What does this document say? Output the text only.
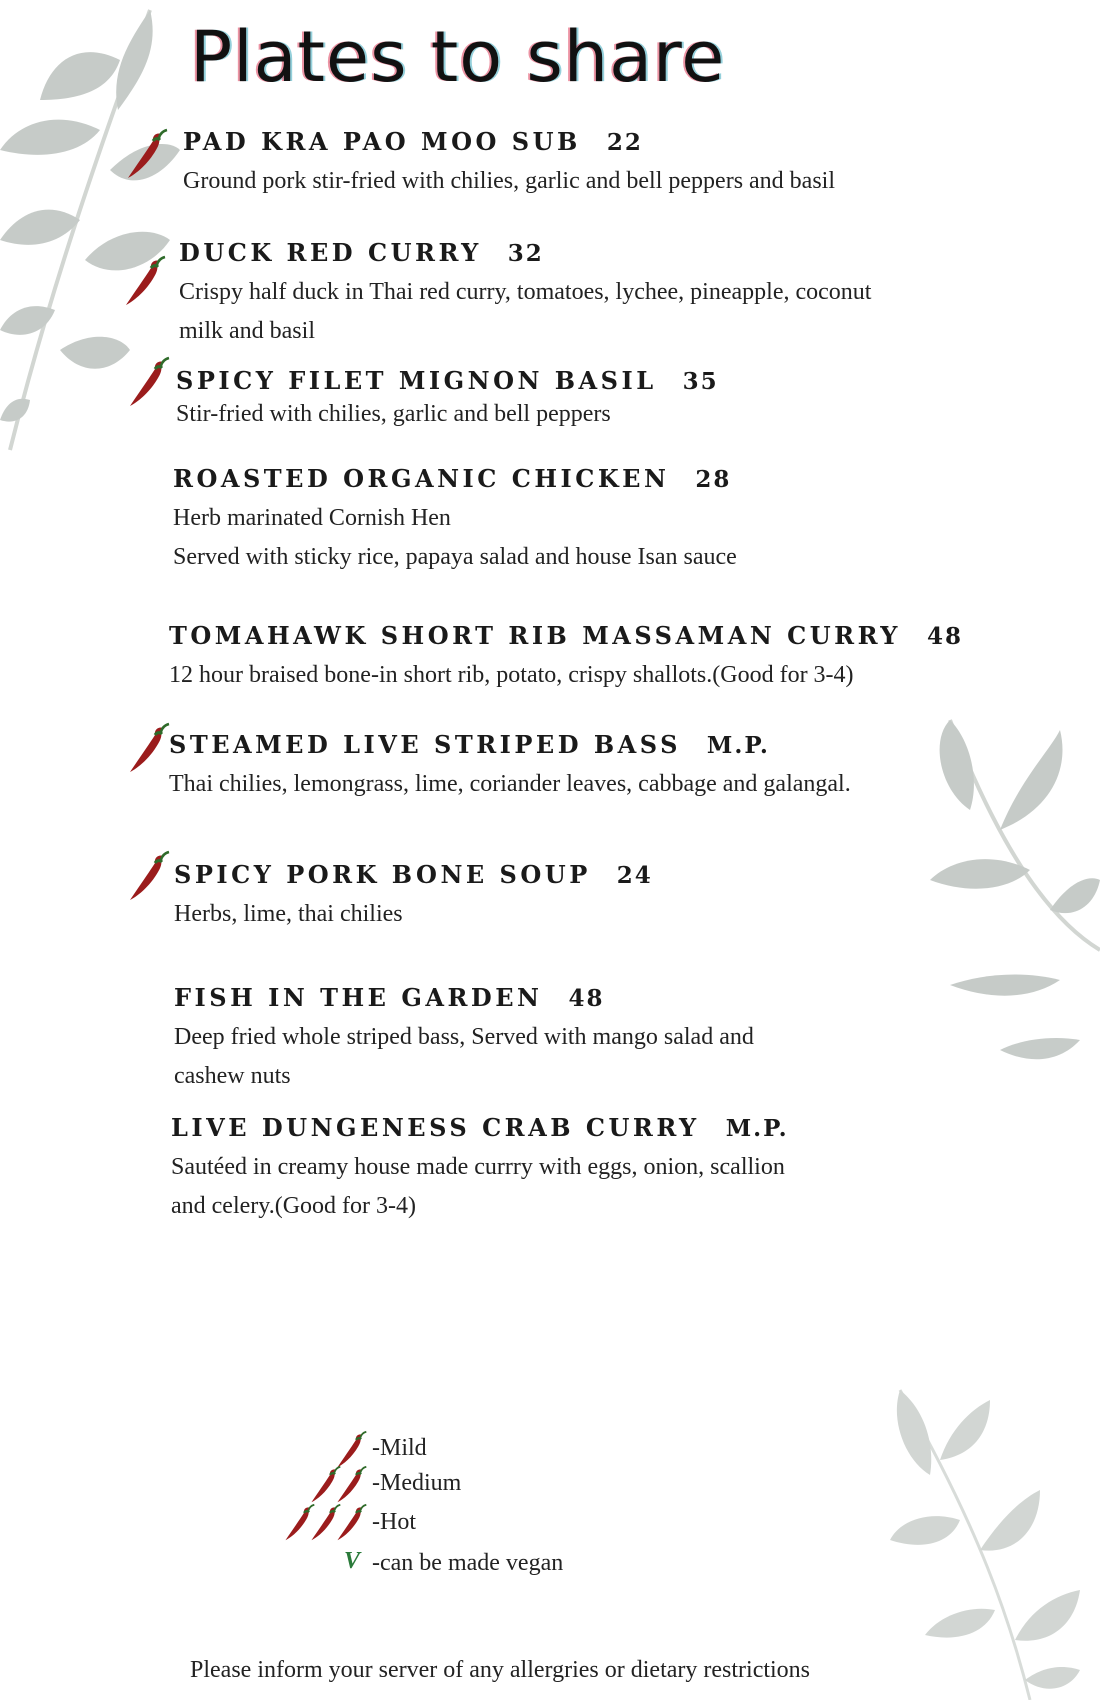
Plates to share
PAD KRA PAO MOO SUB 22
Ground pork stir-fried with chilies, garlic and bell peppers and basil
DUCK RED CURRY 32
Crispy half duck in Thai red curry, tomatoes, lychee, pineapple, coconut
milk and basil
SPICY FILET MIGNON BASIL 35
Stir-fried with chilies, garlic and bell peppers
ROASTED ORGANIC CHICKEN 28
Herb marinated Cornish Hen
Served with sticky rice, papaya salad and house Isan sauce
TOMAHAWK SHORT RIB MASSAMAN CURRY 48
12 hour braised bone-in short rib, potato, crispy shallots.(Good for 3-4)
STEAMED LIVE STRIPED BASS M.P.
Thai chilies, lemongrass, lime, coriander leaves, cabbage and galangal.
SPICY PORK BONE SOUP 24
Herbs, lime, thai chilies
FISH IN THE GARDEN 48
Deep fried whole striped bass, Served with mango salad and
cashew nuts
LIVE DUNGENESS CRAB CURRY M.P.
Sautéed in creamy house made currry with eggs, onion, scallion
and celery.(Good for 3-4)
-Mild
-Medium
-Hot
V -can be made vegan
Please inform your server of any allergries or dietary restrictions
